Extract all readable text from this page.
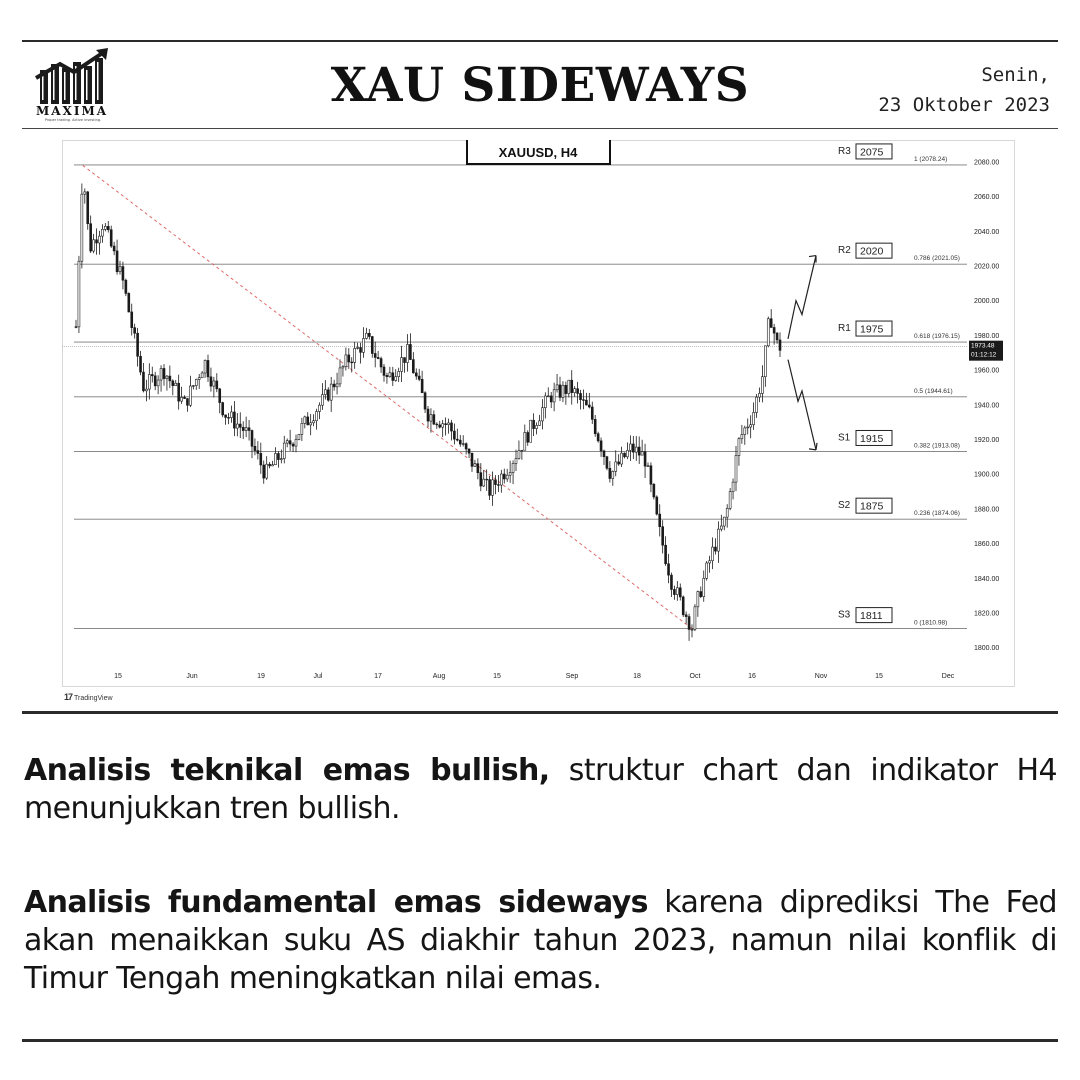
MAXIMA
Proper trading. Active investing.
XAU SIDEWAYS	Senin,
23 Oktober 2023
1800.00
1820.00
1840.00
1860.00
1880.00
1900.00
1920.00
1940.00
1960.00
1980.00
2000.00
2020.00
2040.00
2060.00
2080.00
1 (2078.24)
R3 2075
0.786 (2021.05)
R2 2020
0.618 (1976.15)
R1 1975
0.5 (1944.61)
0.382 (1913.08)
S1 1915
0.236 (1874.06)
S2 1875
0 (1810.98)
S3 1811
1973.48
01:12:12
15	Jun	19	Jul	17	Aug	15	Sep	18	Oct	16	Nov	15	Dec
XAUUSD, H4
17 TradingView
Analisis teknikal emas bullish, struktur chart dan indikator H4 menunjukkan tren bullish.
Analisis fundamental emas sideways karena diprediksi The Fed akan menaikkan suku AS diakhir tahun 2023, namun nilai konflik di Timur Tengah meningkatkan nilai emas.
